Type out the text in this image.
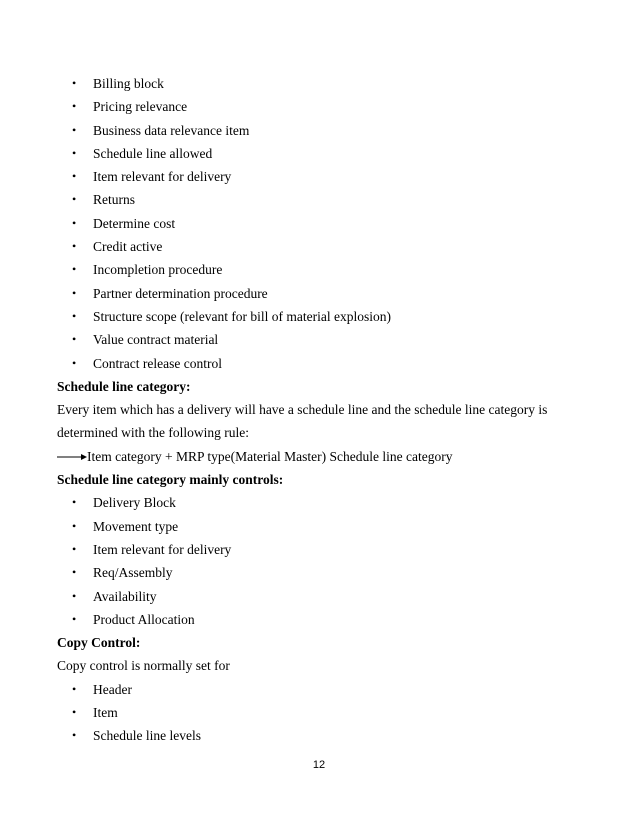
• Billing block
• Pricing relevance
• Business data relevance item
• Schedule line allowed
• Item relevant for delivery
• Returns
• Determine cost
• Credit active
• Incompletion procedure
• Partner determination procedure
• Structure scope (relevant for bill of material explosion)
• Value contract material
• Contract release control
Schedule line category:
Every item which has a delivery will have a schedule line and the schedule line category is
determined with the following rule:
Item category + MRP type(Material Master) Schedule line category
Schedule line category mainly controls:
• Delivery Block
• Movement type
• Item relevant for delivery
• Req/Assembly
• Availability
• Product Allocation
Copy Control:
Copy control is normally set for
• Header
• Item
• Schedule line levels
12
